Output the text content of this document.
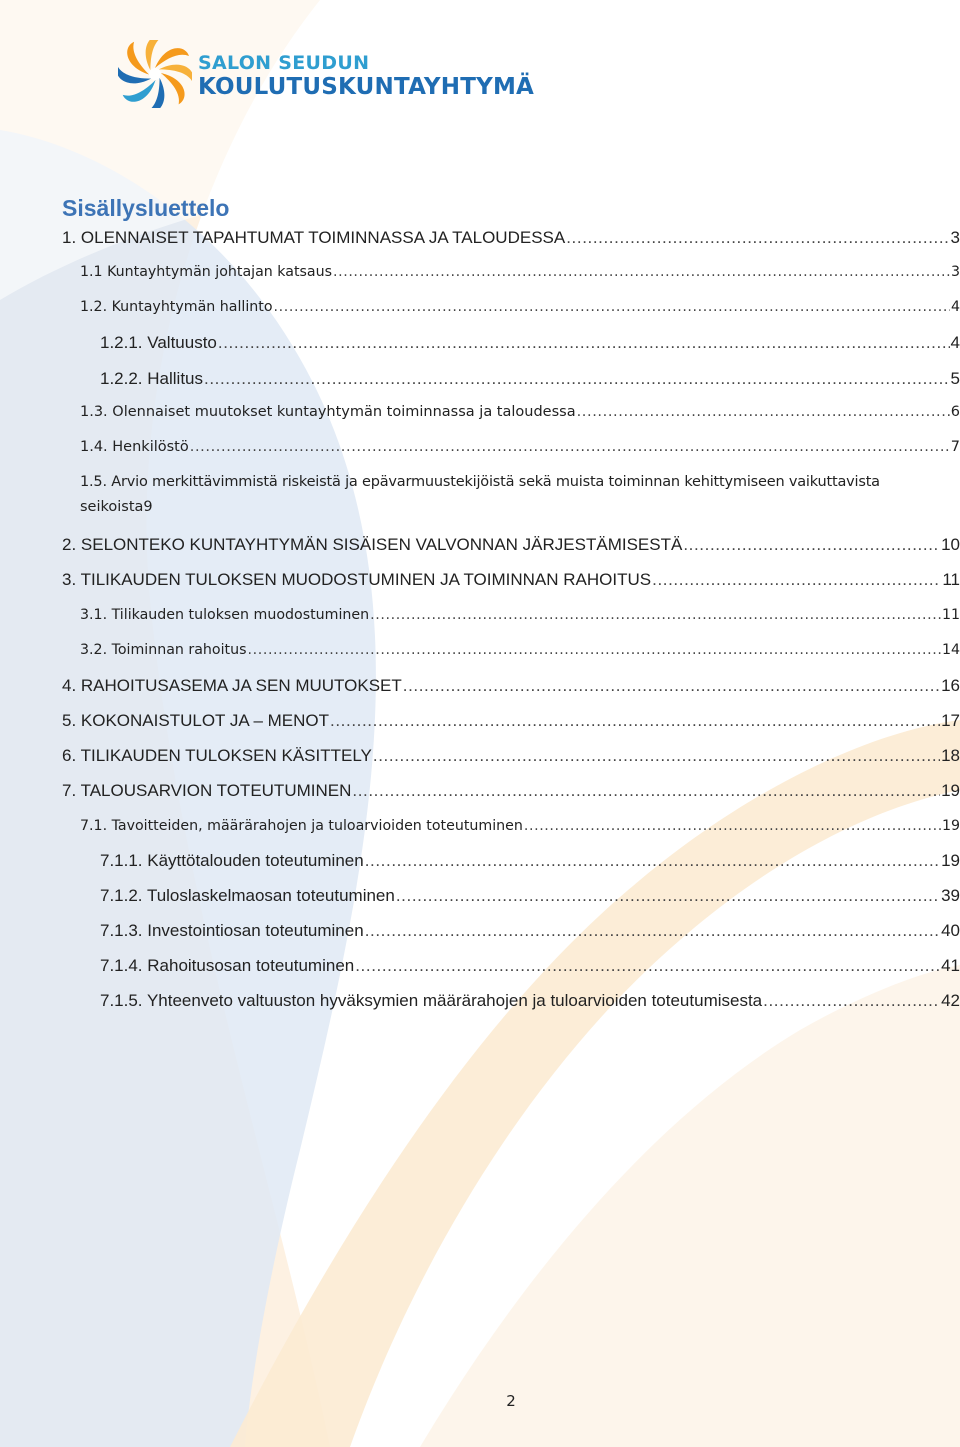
SALON SEUDUN
KOULUTUSKUNTAYHTYMÄ
Sisällysluettelo
1. OLENNAISET TAPAHTUMAT TOIMINNASSA JA TALOUDESSA .....	3
1.1 Kuntayhtymän johtajan katsaus .....	3
1.2. Kuntayhtymän hallinto .....	4
1.2.1. Valtuusto .....	4
1.2.2. Hallitus .....	5
1.3. Olennaiset muutokset kuntayhtymän toiminnassa ja taloudessa .....	6
1.4. Henkilöstö .....	7
1.5. Arvio merkittävimmistä riskeistä ja epävarmuustekijöistä sekä muista toiminnan kehittymiseen vaikuttavista
seikoista 9
2. SELONTEKO KUNTAYHTYMÄN SISÄISEN VALVONNAN JÄRJESTÄMISESTÄ .....	10
3. TILIKAUDEN TULOKSEN MUODOSTUMINEN JA TOIMINNAN RAHOITUS .....	11
3.1. Tilikauden tuloksen muodostuminen .....	11
3.2. Toiminnan rahoitus .....	14
4. RAHOITUSASEMA JA SEN MUUTOKSET .....	16
5. KOKONAISTULOT JA – MENOT .....	17
6. TILIKAUDEN TULOKSEN KÄSITTELY .....	18
7. TALOUSARVION TOTEUTUMINEN .....	19
7.1. Tavoitteiden, määrärahojen ja tuloarvioiden toteutuminen .....	19
7.1.1. Käyttötalouden toteutuminen .....	19
7.1.2. Tuloslaskelmaosan toteutuminen .....	39
7.1.3. Investointiosan toteutuminen .....	40
7.1.4. Rahoitusosan toteutuminen .....	41
7.1.5. Yhteenveto valtuuston hyväksymien määrärahojen ja tuloarvioiden toteutumisesta .....	42
2
